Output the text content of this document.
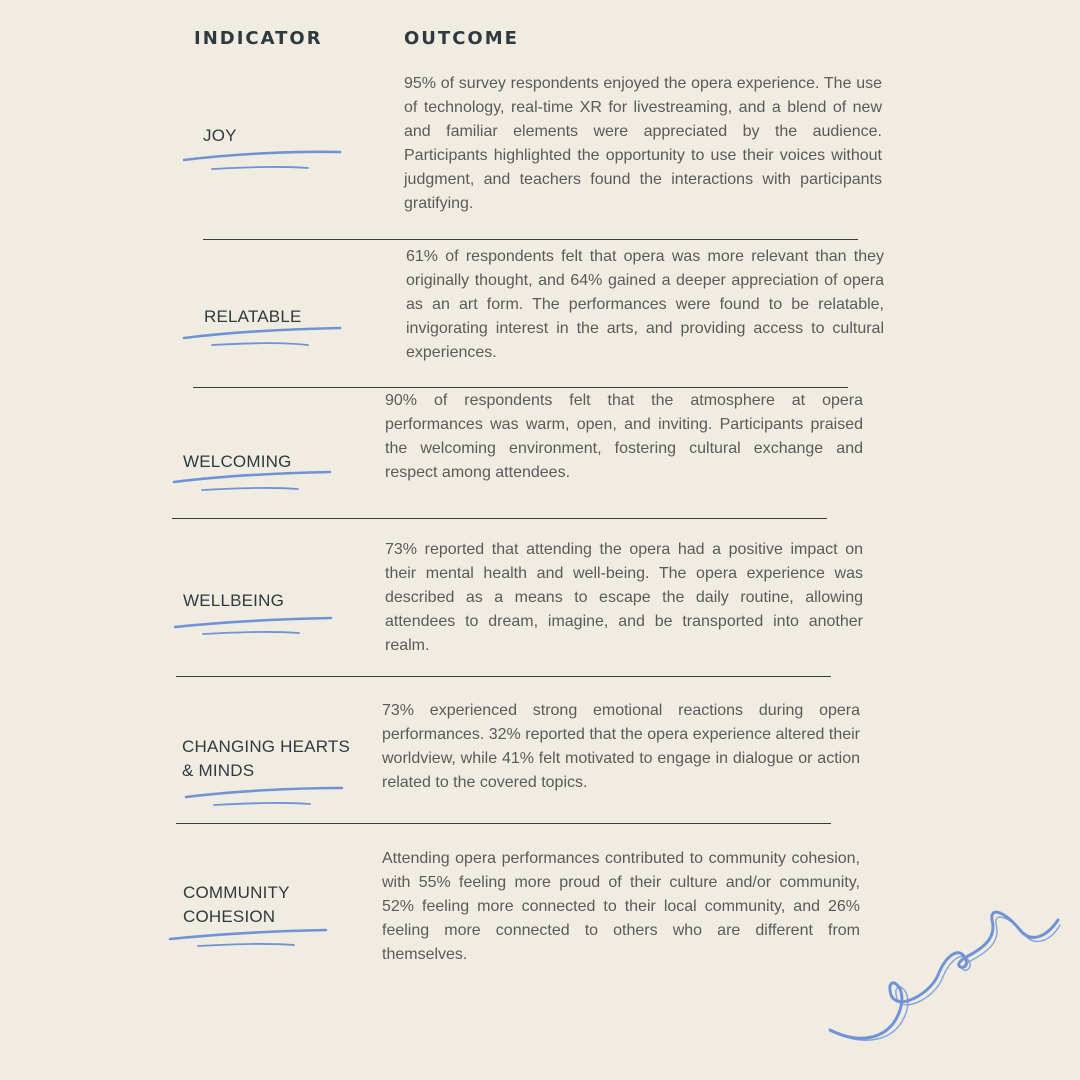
INDICATOR	OUTCOME
JOY
95% of survey respondents enjoyed the opera experience. The use of technology, real-time XR for livestreaming, and a blend of new and familiar elements were appreciated by the audience. Participants highlighted the opportunity to use their voices without judgment, and teachers found the interactions with participants gratifying.
RELATABLE
61% of respondents felt that opera was more relevant than they originally thought, and 64% gained a deeper appreciation of opera as an art form. The performances were found to be relatable, invigorating interest in the arts, and providing access to cultural experiences.
WELCOMING
90% of respondents felt that the atmosphere at opera performances was warm, open, and inviting. Participants praised the welcoming environment, fostering cultural exchange and respect among attendees.
WELLBEING
73% reported that attending the opera had a positive impact on their mental health and well-being. The opera experience was described as a means to escape the daily routine, allowing attendees to dream, imagine, and be transported into another realm.
CHANGING HEARTS & MINDS
73% experienced strong emotional reactions during opera performances. 32% reported that the opera experience altered their worldview, while 41% felt motivated to engage in dialogue or action related to the covered topics.
COMMUNITY COHESION
Attending opera performances contributed to community cohesion, with 55% feeling more proud of their culture and/or community, 52% feeling more connected to their local community, and 26% feeling more connected to others who are different from themselves.
